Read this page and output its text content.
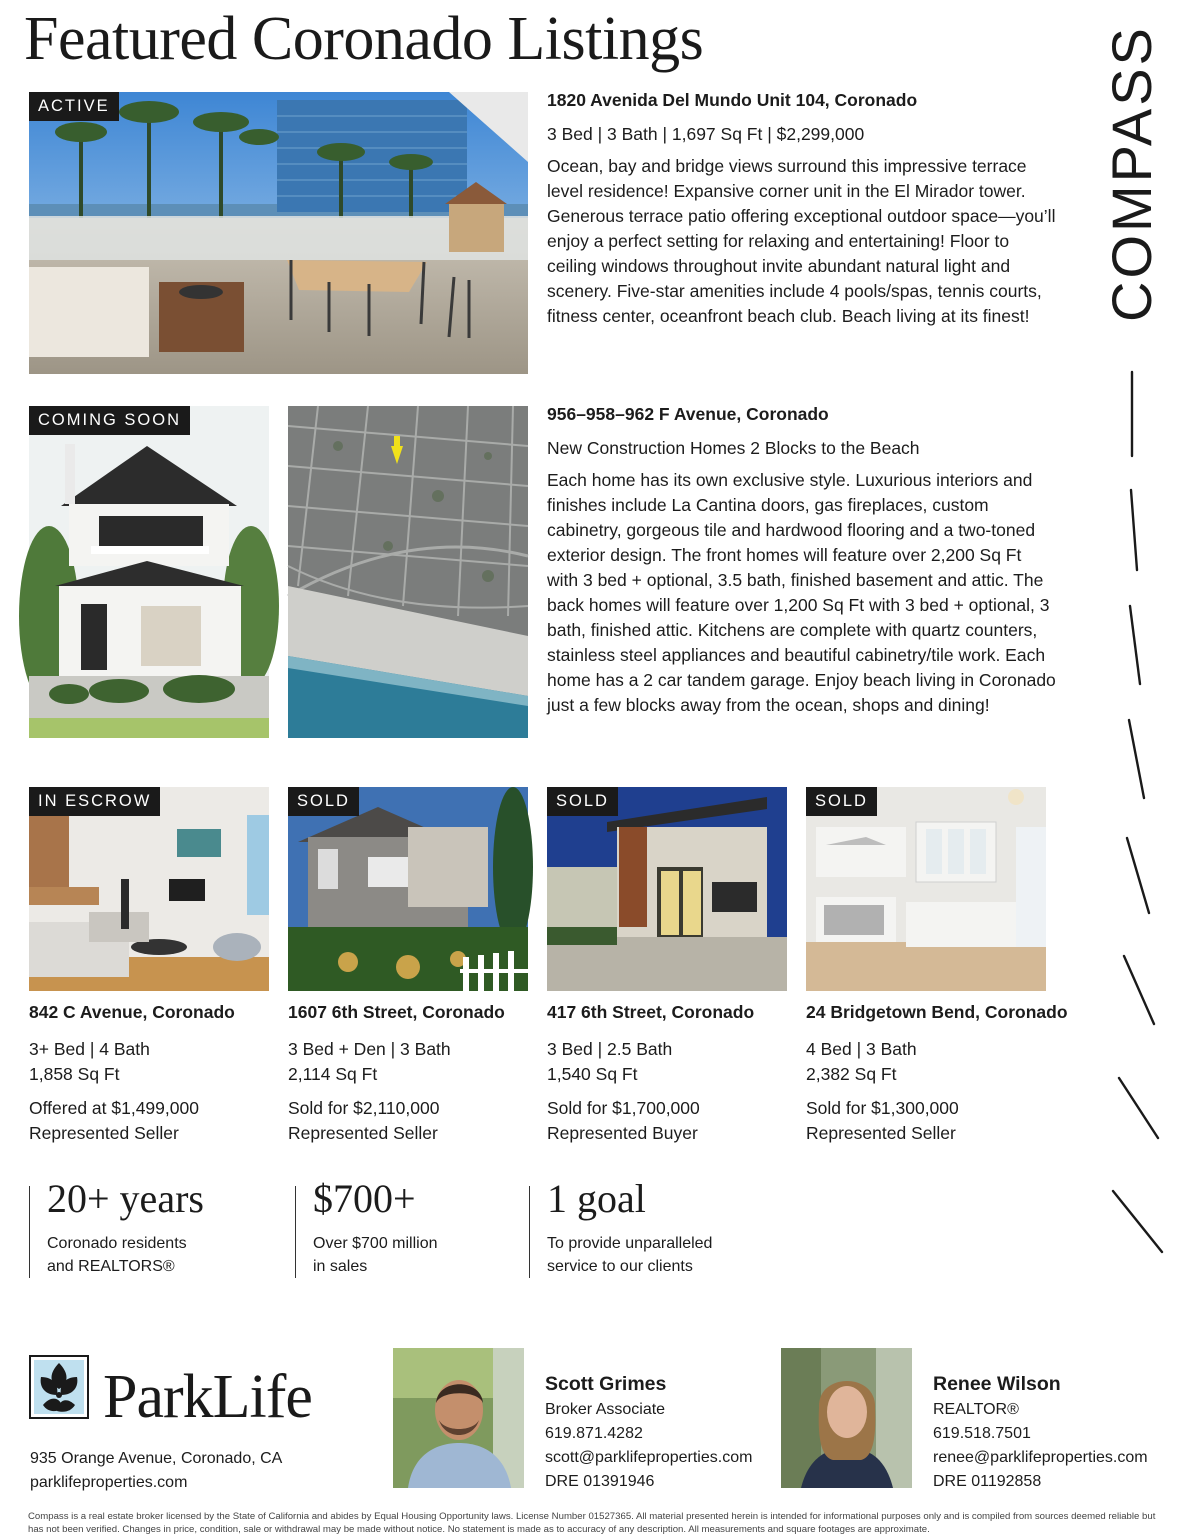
Featured Coronado Listings	COMPASS
ACTIVE	1820 Avenida Del Mundo Unit 104, Coronado
3 Bed | 3 Bath | 1,697 Sq Ft | $2,299,000
Ocean, bay and bridge views surround this impressive terrace level residence! Expansive corner unit in the El Mirador tower. Generous terrace patio offering exceptional outdoor space—you’ll enjoy a perfect setting for relaxing and entertaining! Floor to ceiling windows throughout invite abundant natural light and scenery. Five-star amenities include 4 pools/spas, tennis courts, fitness center, oceanfront beach club. Beach living at its finest!
COMING SOON	956–958–962 F Avenue, Coronado
New Construction Homes 2 Blocks to the Beach
Each home has its own exclusive style. Luxurious interiors and finishes include La Cantina doors, gas fireplaces, custom cabinetry, gorgeous tile and hardwood flooring and a two-toned exterior design. The front homes will feature over 2,200 Sq Ft with 3 bed + optional, 3.5 bath, finished basement and attic. The back homes will feature over 1,200 Sq Ft with 3 bed + optional, 3 bath, finished attic. Kitchens are complete with quartz counters, stainless steel appliances and beautiful cabinetry/tile work. Each home has a 2 car tandem garage. Enjoy beach living in Coronado just a few blocks away from the ocean, shops and dining!
IN ESCROW	SOLD	SOLD	SOLD
842 C Avenue, Coronado
3+ Bed | 4 Bath
1,858 Sq Ft
Offered at $1,499,000
Represented Seller
1607 6th Street, Coronado
3 Bed + Den | 3 Bath
2,114 Sq Ft
Sold for $2,110,000
Represented Seller
417 6th Street, Coronado
3 Bed | 2.5 Bath
1,540 Sq Ft
Sold for $1,700,000
Represented Buyer
24 Bridgetown Bend, Coronado
4 Bed | 3 Bath
2,382 Sq Ft
Sold for $1,300,000
Represented Seller
20+ years
Coronado residents
and REALTORS®
$700+
Over $700 million
in sales
1 goal
To provide unparalleled
service to our clients
ParkLife
935 Orange Avenue, Coronado, CA
parklifeproperties.com
Scott Grimes
Broker Associate
619.871.4282
scott@parklifeproperties.com
DRE 01391946
Renee Wilson
REALTOR®
619.518.7501
renee@parklifeproperties.com
DRE 01192858
Compass is a real estate broker licensed by the State of California and abides by Equal Housing Opportunity laws. License Number 01527365. All material presented herein is intended for informational purposes only and is compiled from sources deemed reliable but has not been verified. Changes in price, condition, sale or withdrawal may be made without notice. No statement is made as to accuracy of any description. All measurements and square footages are approximate.
